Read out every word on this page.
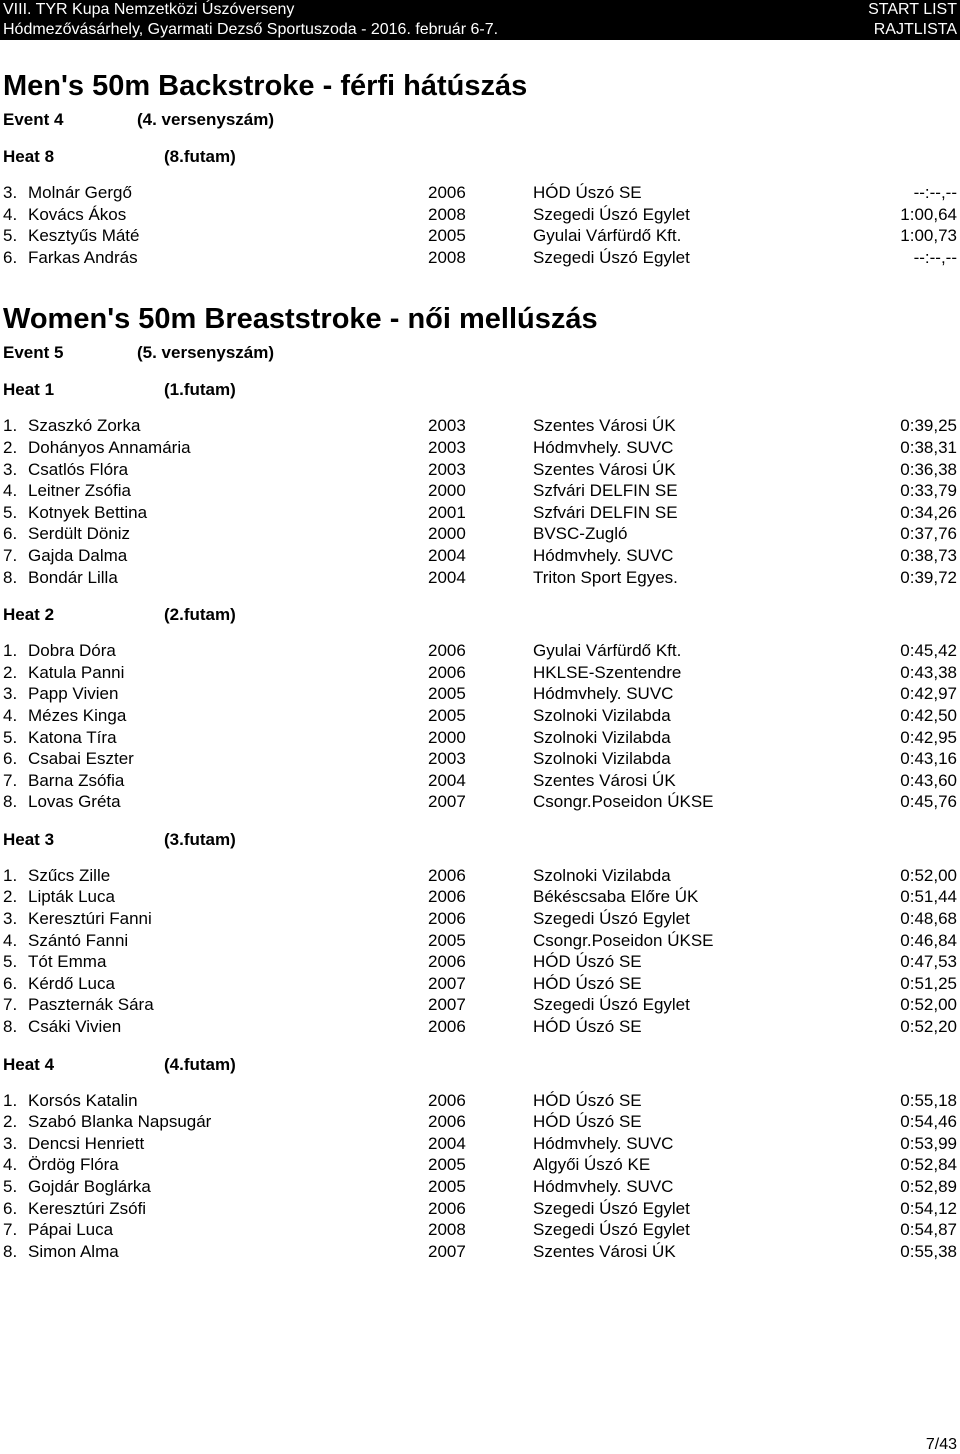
VIII. TYR Kupa Nemzetközi Úszóverseny
Hódmezővásárhely, Gyarmati Dezső Sportuszoda - 2016. február 6-7.
START LIST
RAJTLISTA
Men's 50m Backstroke - férfi hátúszás
Event 4	(4. versenyszám)
Heat 8	(8.futam)
3. Molnár Gergő	2006	HÓD Úszó SE	--:--,--
4. Kovács Ákos	2008	Szegedi Úszó Egylet	1:00,64
5. Kesztyűs Máté	2005	Gyulai Várfürdő Kft.	1:00,73
6. Farkas András	2008	Szegedi Úszó Egylet	--:--,--
Women's 50m Breaststroke - női mellúszás
Event 5	(5. versenyszám)
Heat 1	(1.futam)
1. Szaszkó Zorka	2003	Szentes Városi ÚK	0:39,25
2. Dohányos Annamária	2003	Hódmvhely. SUVC	0:38,31
3. Csatlós Flóra	2003	Szentes Városi ÚK	0:36,38
4. Leitner Zsófia	2000	Szfvári DELFIN SE	0:33,79
5. Kotnyek Bettina	2001	Szfvári DELFIN SE	0:34,26
6. Serdült Döniz	2000	BVSC-Zugló	0:37,76
7. Gajda Dalma	2004	Hódmvhely. SUVC	0:38,73
8. Bondár Lilla	2004	Triton Sport Egyes.	0:39,72
Heat 2	(2.futam)
1. Dobra Dóra	2006	Gyulai Várfürdő Kft.	0:45,42
2. Katula Panni	2006	HKLSE-Szentendre	0:43,38
3. Papp Vivien	2005	Hódmvhely. SUVC	0:42,97
4. Mézes Kinga	2005	Szolnoki Vizilabda	0:42,50
5. Katona Tíra	2000	Szolnoki Vizilabda	0:42,95
6. Csabai Eszter	2003	Szolnoki Vizilabda	0:43,16
7. Barna Zsófia	2004	Szentes Városi ÚK	0:43,60
8. Lovas Gréta	2007	Csongr.Poseidon ÚKSE	0:45,76
Heat 3	(3.futam)
1. Szűcs Zille	2006	Szolnoki Vizilabda	0:52,00
2. Lipták Luca	2006	Békéscsaba Előre ÚK	0:51,44
3. Keresztúri Fanni	2006	Szegedi Úszó Egylet	0:48,68
4. Szántó Fanni	2005	Csongr.Poseidon ÚKSE	0:46,84
5. Tót Emma	2006	HÓD Úszó SE	0:47,53
6. Kérdő Luca	2007	HÓD Úszó SE	0:51,25
7. Paszternák Sára	2007	Szegedi Úszó Egylet	0:52,00
8. Csáki Vivien	2006	HÓD Úszó SE	0:52,20
Heat 4	(4.futam)
1. Korsós Katalin	2006	HÓD Úszó SE	0:55,18
2. Szabó Blanka Napsugár	2006	HÓD Úszó SE	0:54,46
3. Dencsi Henriett	2004	Hódmvhely. SUVC	0:53,99
4. Ördög Flóra	2005	Algyői Úszó KE	0:52,84
5. Gojdár Boglárka	2005	Hódmvhely. SUVC	0:52,89
6. Keresztúri Zsófi	2006	Szegedi Úszó Egylet	0:54,12
7. Pápai Luca	2008	Szegedi Úszó Egylet	0:54,87
8. Simon Alma	2007	Szentes Városi ÚK	0:55,38
7/43
